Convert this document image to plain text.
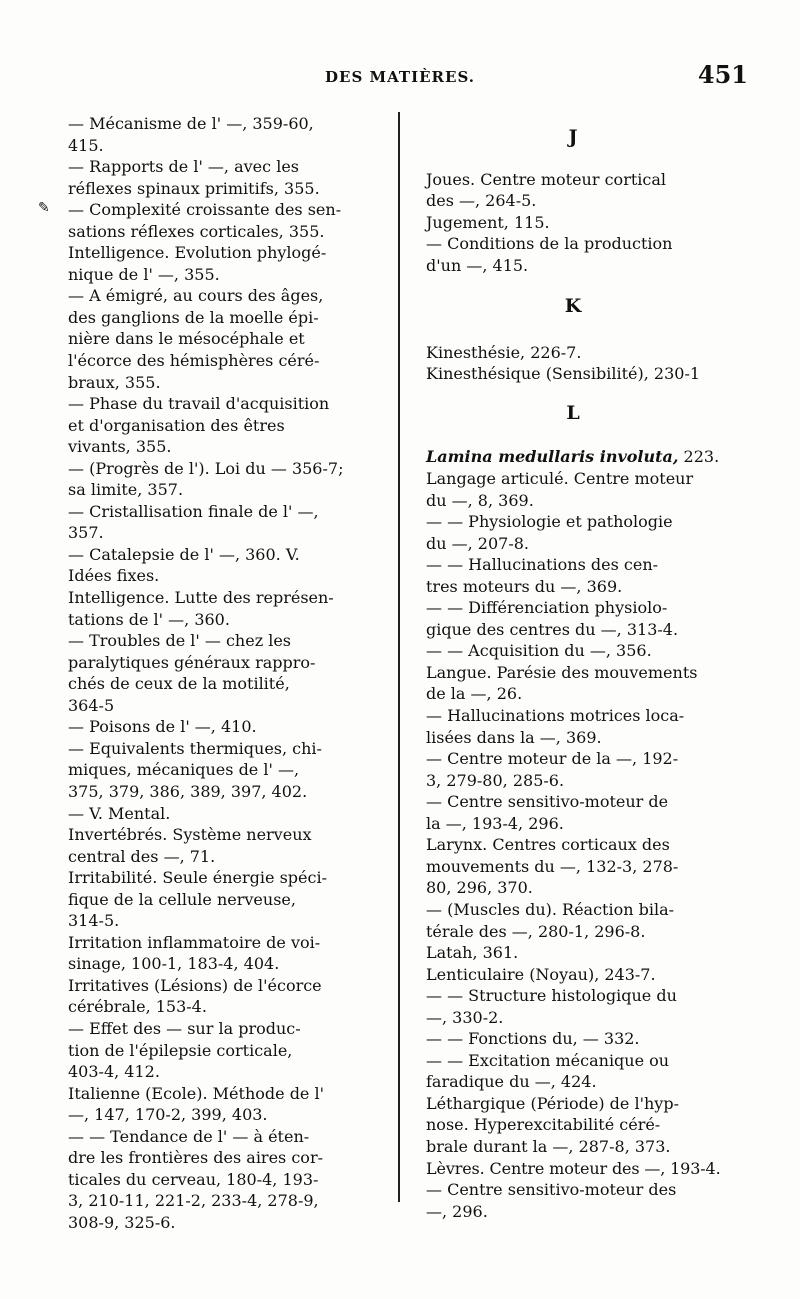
DES MATIÈRES.	451
✎
— Mécanisme de l' —, 359-60,
415.
— Rapports de l' —, avec les
réflexes spinaux primitifs, 355.
— Complexité croissante des sen-
sations réflexes corticales, 355.
Intelligence. Evolution phylogé-
nique de l' —, 355.
— A émigré, au cours des âges,
des ganglions de la moelle épi-
nière dans le mésocéphale et
l'écorce des hémisphères céré-
braux, 355.
— Phase du travail d'acquisition
et d'organisation des êtres
vivants, 355.
— (Progrès de l'). Loi du — 356-7;
sa limite, 357.
— Cristallisation finale de l' —,
357.
— Catalepsie de l' —, 360. V.
Idées fixes.
Intelligence. Lutte des représen-
tations de l' —, 360.
— Troubles de l' — chez les
paralytiques généraux rappro-
chés de ceux de la motilité,
364-5
— Poisons de l' —, 410.
— Equivalents thermiques, chi-
miques, mécaniques de l' —,
375, 379, 386, 389, 397, 402.
— V. Mental.
Invertébrés. Système nerveux
central des —, 71.
Irritabilité. Seule énergie spéci-
fique de la cellule nerveuse,
314-5.
Irritation inflammatoire de voi-
sinage, 100-1, 183-4, 404.
Irritatives (Lésions) de l'écorce
cérébrale, 153-4.
— Effet des — sur la produc-
tion de l'épilepsie corticale,
403-4, 412.
Italienne (Ecole). Méthode de l'
—, 147, 170-2, 399, 403.
— — Tendance de l' — à éten-
dre les frontières des aires cor-
ticales du cerveau, 180-4, 193-
3, 210-11, 221-2, 233-4, 278-9,
308-9, 325-6.
J
Joues. Centre moteur cortical
des —, 264-5.
Jugement, 115.
— Conditions de la production
d'un —, 415.
K
Kinesthésie, 226-7.
Kinesthésique (Sensibilité), 230-1
L
Lamina medullaris involuta, 223.
Langage articulé. Centre moteur
du —, 8, 369.
— — Physiologie et pathologie
du —, 207-8.
— — Hallucinations des cen-
tres moteurs du —, 369.
— — Différenciation physiolo-
gique des centres du —, 313-4.
— — Acquisition du —, 356.
Langue. Parésie des mouvements
de la —, 26.
— Hallucinations motrices loca-
lisées dans la —, 369.
— Centre moteur de la —, 192-
3, 279-80, 285-6.
— Centre sensitivo-moteur de
la —, 193-4, 296.
Larynx. Centres corticaux des
mouvements du —, 132-3, 278-
80, 296, 370.
— (Muscles du). Réaction bila-
térale des —, 280-1, 296-8.
Latah, 361.
Lenticulaire (Noyau), 243-7.
— — Structure histologique du
—, 330-2.
— — Fonctions du, — 332.
— — Excitation mécanique ou
faradique du —, 424.
Léthargique (Période) de l'hyp-
nose. Hyperexcitabilité céré-
brale durant la —, 287-8, 373.
Lèvres. Centre moteur des —, 193-4.
— Centre sensitivo-moteur des
—, 296.
